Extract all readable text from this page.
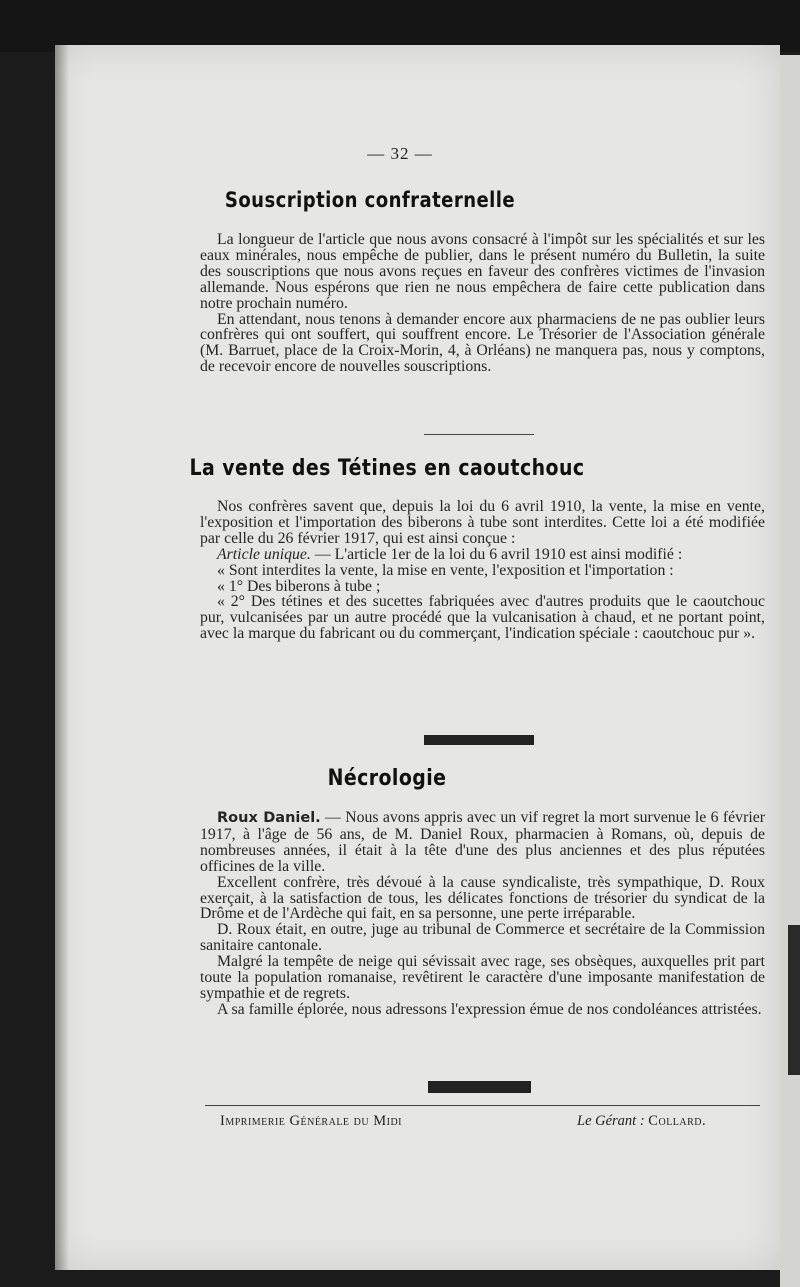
— 32 —
Souscription confraternelle

La longueur de l'article que nous avons consacré à l'impôt sur les spécialités et sur les eaux minérales, nous empêche de publier, dans le présent numéro du Bulletin, la suite des souscriptions que nous avons reçues en faveur des confrères victimes de l'invasion allemande. Nous espérons que rien ne nous empêchera de faire cette publication dans notre prochain numéro.

En attendant, nous tenons à demander encore aux pharmaciens de ne pas oublier leurs confrères qui ont souffert, qui souffrent encore. Le Trésorier de l'Association générale (M. Barruet, place de la Croix-Morin, 4, à Orléans) ne manquera pas, nous y comptons, de recevoir encore de nouvelles souscriptions.

La vente des Tétines en caoutchouc

Nos confrères savent que, depuis la loi du 6 avril 1910, la vente, la mise en vente, l'exposition et l'importation des biberons à tube sont interdites. Cette loi a été modifiée par celle du 26 février 1917, qui est ainsi conçue :

Article unique. — L'article 1er de la loi du 6 avril 1910 est ainsi modifié :

« Sont interdites la vente, la mise en vente, l'exposition et l'importation :

« 1° Des biberons à tube ;

« 2° Des tétines et des sucettes fabriquées avec d'autres produits que le caoutchouc pur, vulcanisées par un autre procédé que la vulcanisation à chaud, et ne portant point, avec la marque du fabricant ou du commerçant, l'indication spéciale : caoutchouc pur ».

Nécrologie

Roux Daniel. — Nous avons appris avec un vif regret la mort survenue le 6 février 1917, à l'âge de 56 ans, de M. Daniel Roux, pharmacien à Romans, où, depuis de nombreuses années, il était à la tête d'une des plus anciennes et des plus réputées officines de la ville.

Excellent confrère, très dévoué à la cause syndicaliste, très sympathique, D. Roux exerçait, à la satisfaction de tous, les délicates fonctions de trésorier du syndicat de la Drôme et de l'Ardèche qui fait, en sa personne, une perte irréparable.

D. Roux était, en outre, juge au tribunal de Commerce et secrétaire de la Commission sanitaire cantonale.

Malgré la tempête de neige qui sévissait avec rage, ses obsèques, auxquelles prit part toute la population romanaise, revêtirent le caractère d'une imposante manifestation de sympathie et de regrets.

A sa famille éplorée, nous adressons l'expression émue de nos condoléances attristées.

Imprimerie Générale du Midi	Le Gérant : Collard.
